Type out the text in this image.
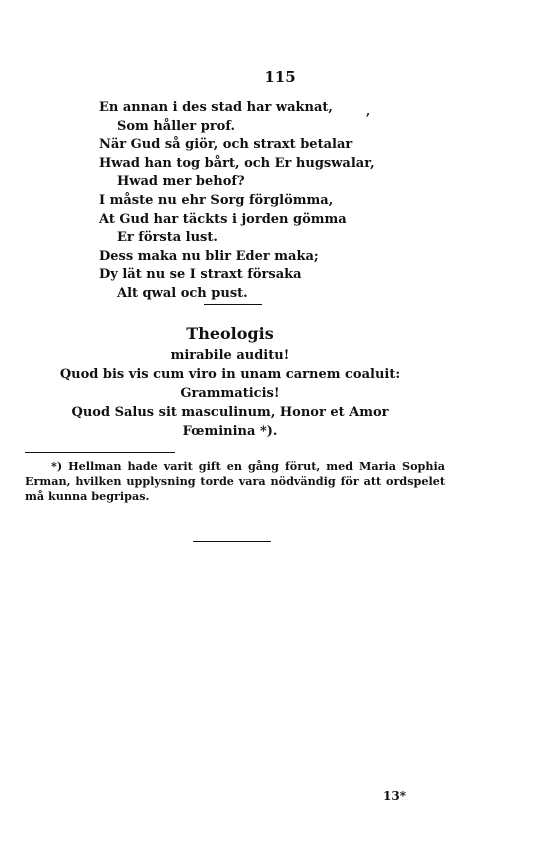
115
,
En annan i des stad har waknat,
Som håller prof.
När Gud så giör, och straxt betalar
Hwad han tog bårt, och Er hugswalar,
Hwad mer behof?
I måste nu ehr Sorg förglömma,
At Gud har täckts i jorden gömma
Er första lust.
Dess maka nu blir Eder maka;
Dy lät nu se I straxt försaka
Alt qwal och pust.
Theologis
mirabile auditu!
Quod bis vis cum viro in unam carnem coaluit:
Grammaticis!
Quod Salus sit masculinum, Honor et Amor
Fœminina *).
*) Hellman hade varit gift en gång förut, med Maria Sophia
Erman, hvilken upplysning torde vara nödvändig för att ordspelet
må kunna begripas.
13*
